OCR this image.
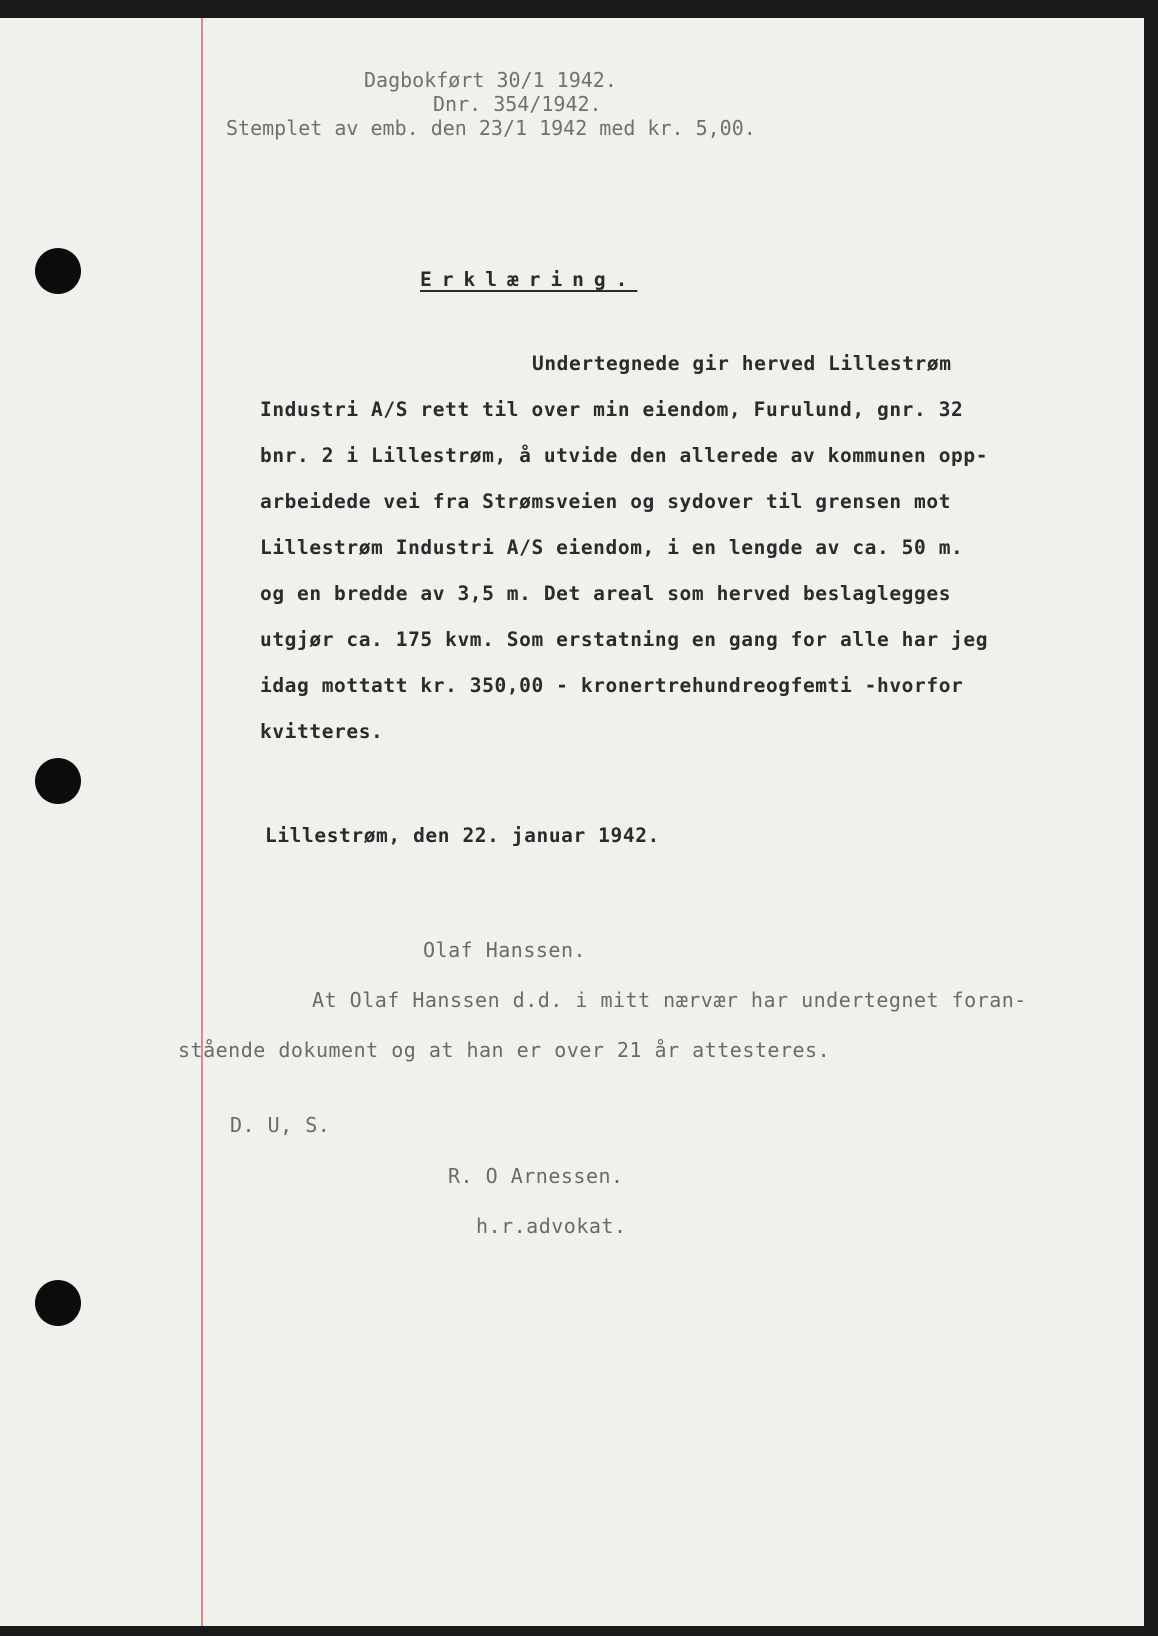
Dagbokført 30/1 1942.
Dnr. 354/1942.
Stemplet av emb. den 23/1 1942 med kr. 5,00.
Erklæring.
Undertegnede gir herved Lillestrøm
Industri A/S rett til over min eiendom, Furulund, gnr. 32
bnr. 2 i Lillestrøm, å utvide den allerede av kommunen opp-
arbeidede vei fra Strømsveien og sydover til grensen mot
Lillestrøm Industri A/S eiendom, i en lengde av ca. 50 m.
og en bredde av 3,5 m. Det areal som herved beslaglegges
utgjør ca. 175 kvm. Som erstatning en gang for alle har jeg
idag mottatt kr. 350,00 - kronertrehundreogfemti -hvorfor
kvitteres.
Lillestrøm, den 22. januar 1942.
Olaf Hanssen.
At Olaf Hanssen d.d. i mitt nærvær har undertegnet foran-
stående dokument og at han er over 21 år attesteres.
D. U, S.
R. O Arnessen.
h.r.advokat.
